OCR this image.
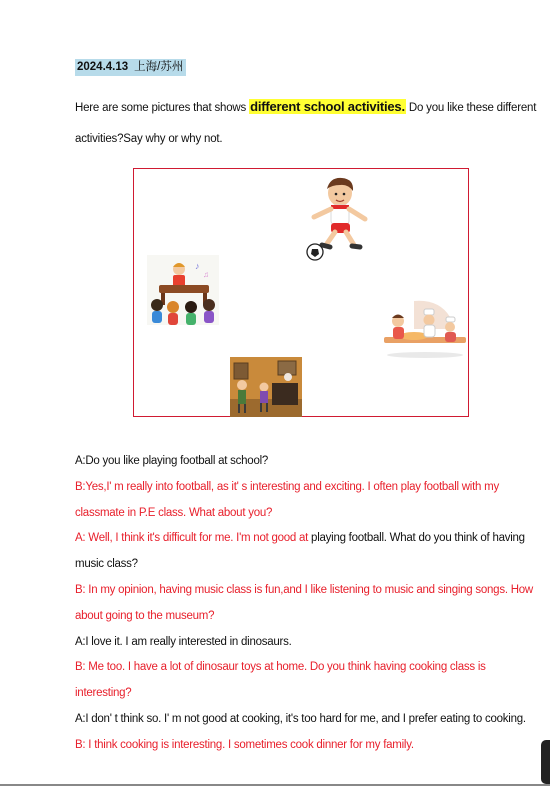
2024.4.13 上海/苏州
Here are some pictures that shows different school activities. Do you like these different activities?Say why or why not.
♪
♫

A:Do you like playing football at school?

B:Yes,I' m really into football, as it' s interesting and exciting. I often play football with my classmate in P.E class. What about you?

A: Well, I think it's difficult for me. I'm not good at playing football. What do you think of having music class?

B: In my opinion, having music class is fun,and I like listening to music and singing songs. How about going to the museum?

A:I love it. I am really interested in dinosaurs.

B: Me too. I have a lot of dinosaur toys at home. Do you think having cooking class is interesting?

A:I don' t think so. I' m not good at cooking, it's too hard for me, and I prefer eating to cooking.

B: I think cooking is interesting. I sometimes cook dinner for my family.
